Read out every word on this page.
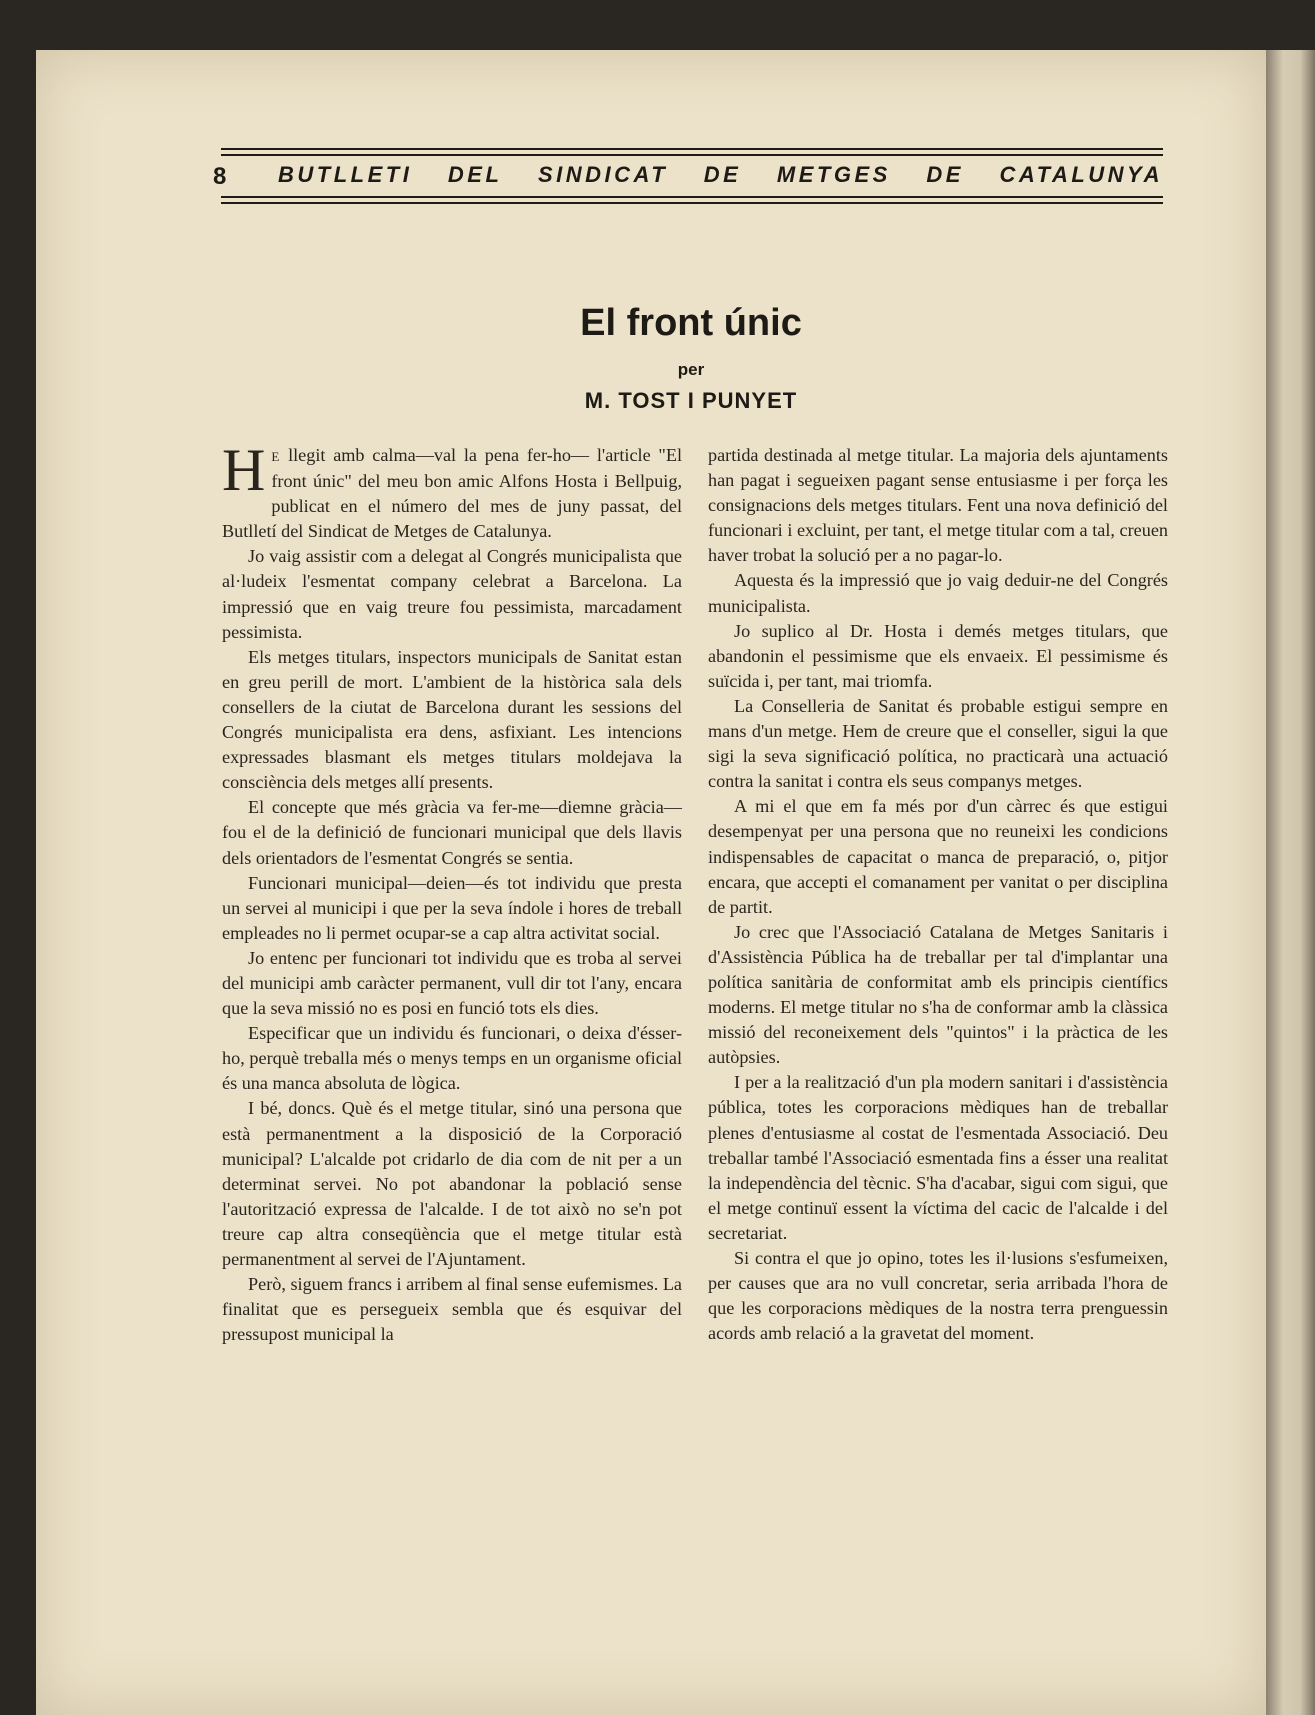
8 BUTLLETI DEL SINDICAT DE METGES DE CATALUNYA
El front únic
per
M. TOST I PUNYET

H E llegit amb calma—val la pena fer-ho— l'article "El front únic" del meu bon amic Alfons Hosta i Bellpuig, publicat en el número del mes de juny passat, del Butlletí del Sindicat de Metges de Catalunya.

Jo vaig assistir com a delegat al Congrés municipalista que al·ludeix l'esmentat company celebrat a Barcelona. La impressió que en vaig treure fou pessimista, marcadament pessimista.

Els metges titulars, inspectors municipals de Sanitat estan en greu perill de mort. L'ambient de la històrica sala dels consellers de la ciutat de Barcelona durant les sessions del Congrés municipalista era dens, asfixiant. Les intencions expressades blasmant els metges titulars moldejava la consciència dels metges allí presents.

El concepte que més gràcia va fer-me—diemne gràcia—fou el de la definició de funcionari municipal que dels llavis dels orientadors de l'esmentat Congrés se sentia.

Funcionari municipal—deien—és tot individu que presta un servei al municipi i que per la seva índole i hores de treball empleades no li permet ocupar-se a cap altra activitat social.

Jo entenc per funcionari tot individu que es troba al servei del municipi amb caràcter permanent, vull dir tot l'any, encara que la seva missió no es posi en funció tots els dies.

Especificar que un individu és funcionari, o deixa d'ésser-ho, perquè treballa més o menys temps en un organisme oficial és una manca absoluta de lògica.

I bé, doncs. Què és el metge titular, sinó una persona que està permanentment a la disposició de la Corporació municipal? L'alcalde pot cridarlo de dia com de nit per a un determinat servei. No pot abandonar la població sense l'autorització expressa de l'alcalde. I de tot això no se'n pot treure cap altra conseqüència que el metge titular està permanentment al servei de l'Ajuntament.

Però, siguem francs i arribem al final sense eufemismes. La finalitat que es persegueix sembla que és esquivar del pressupost municipal la

partida destinada al metge titular. La majoria dels ajuntaments han pagat i segueixen pagant sense entusiasme i per força les consignacions dels metges titulars. Fent una nova definició del funcionari i excluint, per tant, el metge titular com a tal, creuen haver trobat la solució per a no pagar-lo.

Aquesta és la impressió que jo vaig deduir-ne del Congrés municipalista.

Jo suplico al Dr. Hosta i demés metges titulars, que abandonin el pessimisme que els envaeix. El pessimisme és suïcida i, per tant, mai triomfa.

La Conselleria de Sanitat és probable estigui sempre en mans d'un metge. Hem de creure que el conseller, sigui la que sigi la seva significació política, no practicarà una actuació contra la sanitat i contra els seus companys metges.

A mi el que em fa més por d'un càrrec és que estigui desempenyat per una persona que no reuneixi les condicions indispensables de capacitat o manca de preparació, o, pitjor encara, que accepti el comanament per vanitat o per disciplina de partit.

Jo crec que l'Associació Catalana de Metges Sanitaris i d'Assistència Pública ha de treballar per tal d'implantar una política sanitària de conformitat amb els principis científics moderns. El metge titular no s'ha de conformar amb la clàssica missió del reconeixement dels "quintos" i la pràctica de les autòpsies.

I per a la realització d'un pla modern sanitari i d'assistència pública, totes les corporacions mèdiques han de treballar plenes d'entusiasme al costat de l'esmentada Associació. Deu treballar també l'Associació esmentada fins a ésser una realitat la independència del tècnic. S'ha d'acabar, sigui com sigui, que el metge continuï essent la víctima del cacic de l'alcalde i del secretariat.

Si contra el que jo opino, totes les il·lusions s'esfumeixen, per causes que ara no vull concretar, seria arribada l'hora de que les corporacions mèdiques de la nostra terra prenguessin acords amb relació a la gravetat del moment.
